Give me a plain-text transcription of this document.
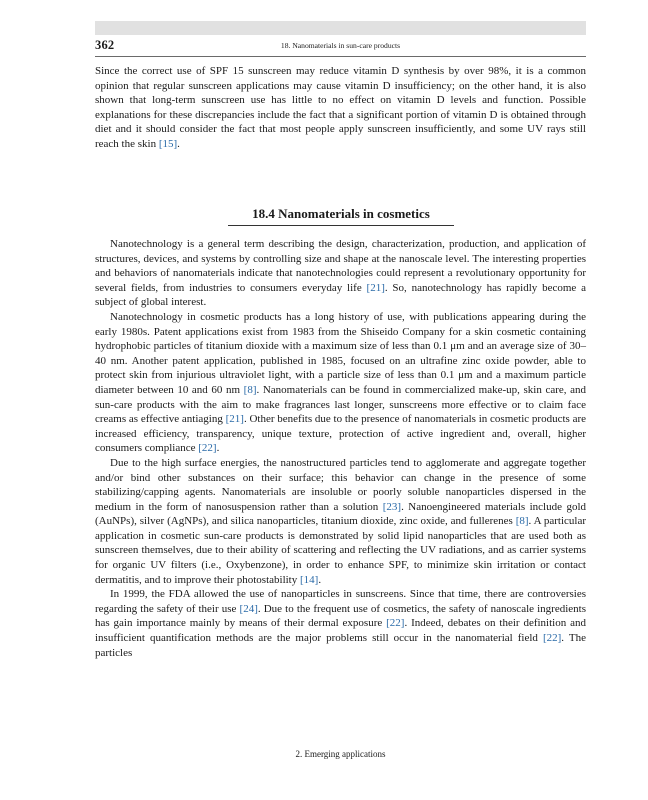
362	18. Nanomaterials in sun-care products

Since the correct use of SPF 15 sunscreen may reduce vitamin D synthesis by over 98%, it is a common opinion that regular sunscreen applications may cause vitamin D insufficiency; on the other hand, it is also shown that long-term sunscreen use has little to no effect on vitamin D levels and function. Possible explanations for these discrepancies include the fact that a significant portion of vitamin D is obtained through diet and it should consider the fact that most people apply sunscreen insufficiently, and some UV rays still reach the skin [15].

18.4 Nanomaterials in cosmetics

Nanotechnology is a general term describing the design, characterization, production, and application of structures, devices, and systems by controlling size and shape at the nanoscale level. The interesting properties and behaviors of nanomaterials indicate that nanotechnologies could represent a revolutionary opportunity for several fields, from industries to consumers everyday life [21]. So, nanotechnology has rapidly become a subject of global interest.

Nanotechnology in cosmetic products has a long history of use, with publications appearing during the early 1980s. Patent applications exist from 1983 from the Shiseido Company for a skin cosmetic containing hydrophobic particles of titanium dioxide with a maximum size of less than 0.1 μm and an average size of 30–40 nm. Another patent application, published in 1985, focused on an ultrafine zinc oxide powder, able to protect skin from injurious ultraviolet light, with a particle size of less than 0.1 μm and a maximum particle diameter between 10 and 60 nm [8]. Nanomaterials can be found in commercialized make-up, skin care, and sun-care products with the aim to make fragrances last longer, sunscreens more effective or to claim face creams as effective antiaging [21]. Other benefits due to the presence of nanomaterials in cosmetic products are increased efficiency, transparency, unique texture, protection of active ingredient and, overall, higher consumers compliance [22].

Due to the high surface energies, the nanostructured particles tend to agglomerate and aggregate together and/or bind other substances on their surface; this behavior can change in the presence of some stabilizing/capping agents. Nanomaterials are insoluble or poorly soluble nanoparticles dispersed in the medium in the form of nanosuspension rather than a solution [23]. Nanoengineered materials include gold (AuNPs), silver (AgNPs), and silica nanoparticles, titanium dioxide, zinc oxide, and fullerenes [8]. A particular application in cosmetic sun-care products is demonstrated by solid lipid nanoparticles that are used both as sunscreen themselves, due to their ability of scattering and reflecting the UV radiations, and as carrier systems for organic UV filters (i.e., Oxybenzone), in order to enhance SPF, to minimize skin irritation or contact dermatitis, and to improve their photostability [14].

In 1999, the FDA allowed the use of nanoparticles in sunscreens. Since that time, there are controversies regarding the safety of their use [24]. Due to the frequent use of cosmetics, the safety of nanoscale ingredients has gain importance mainly by means of their dermal exposure [22]. Indeed, debates on their definition and insufficient quantification methods are the major problems still occur in the nanomaterial field [22]. The particles

2. Emerging applications
